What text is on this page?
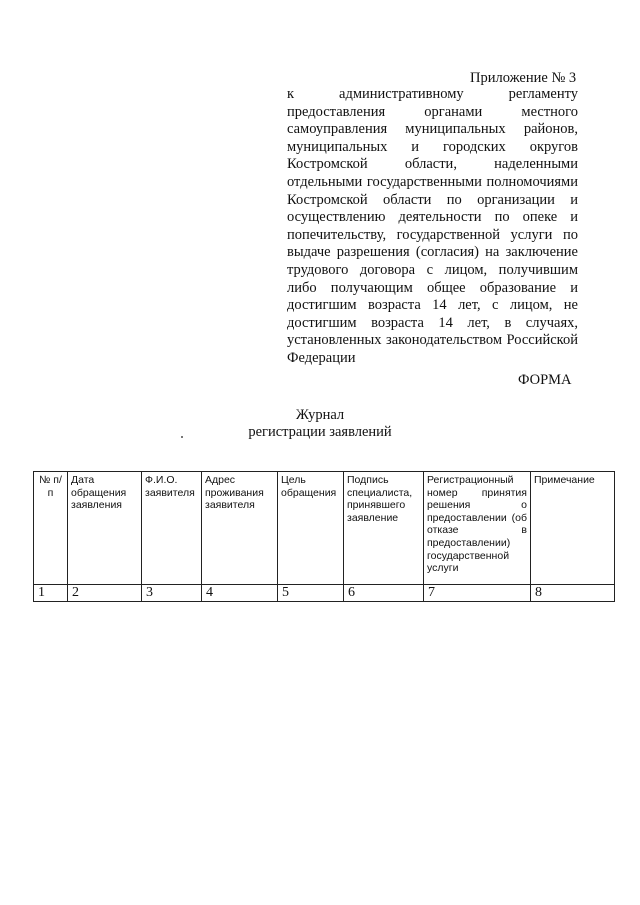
Приложение № 3
к административному регламенту предоставления органами местного самоуправления муниципальных районов, муниципальных и городских округов Костромской области, наделенными отдельными государственными полномочиями Костромской области по организации и осуществлению деятельности по опеке и попечительству, государственной услуги по выдаче разрешения (согласия) на заключение трудового договора с лицом, получившим либо получающим общее образование и достигшим возраста 14 лет, с лицом, не достигшим возраста 14 лет, в случаях, установленных законодательством Российской Федерации
ФОРМА
Журнал
регистрации заявлений
№ п/п	Дата обращения заявления	Ф.И.О. заявителя	Адрес проживания заявителя	Цель обращения	Подпись специалиста, принявшего заявление	Регистрационный номер принятия решения о предоставлении (об отказе в предоставлении) государственной услуги	Примечание
1	2	3	4	5	6	7	8
